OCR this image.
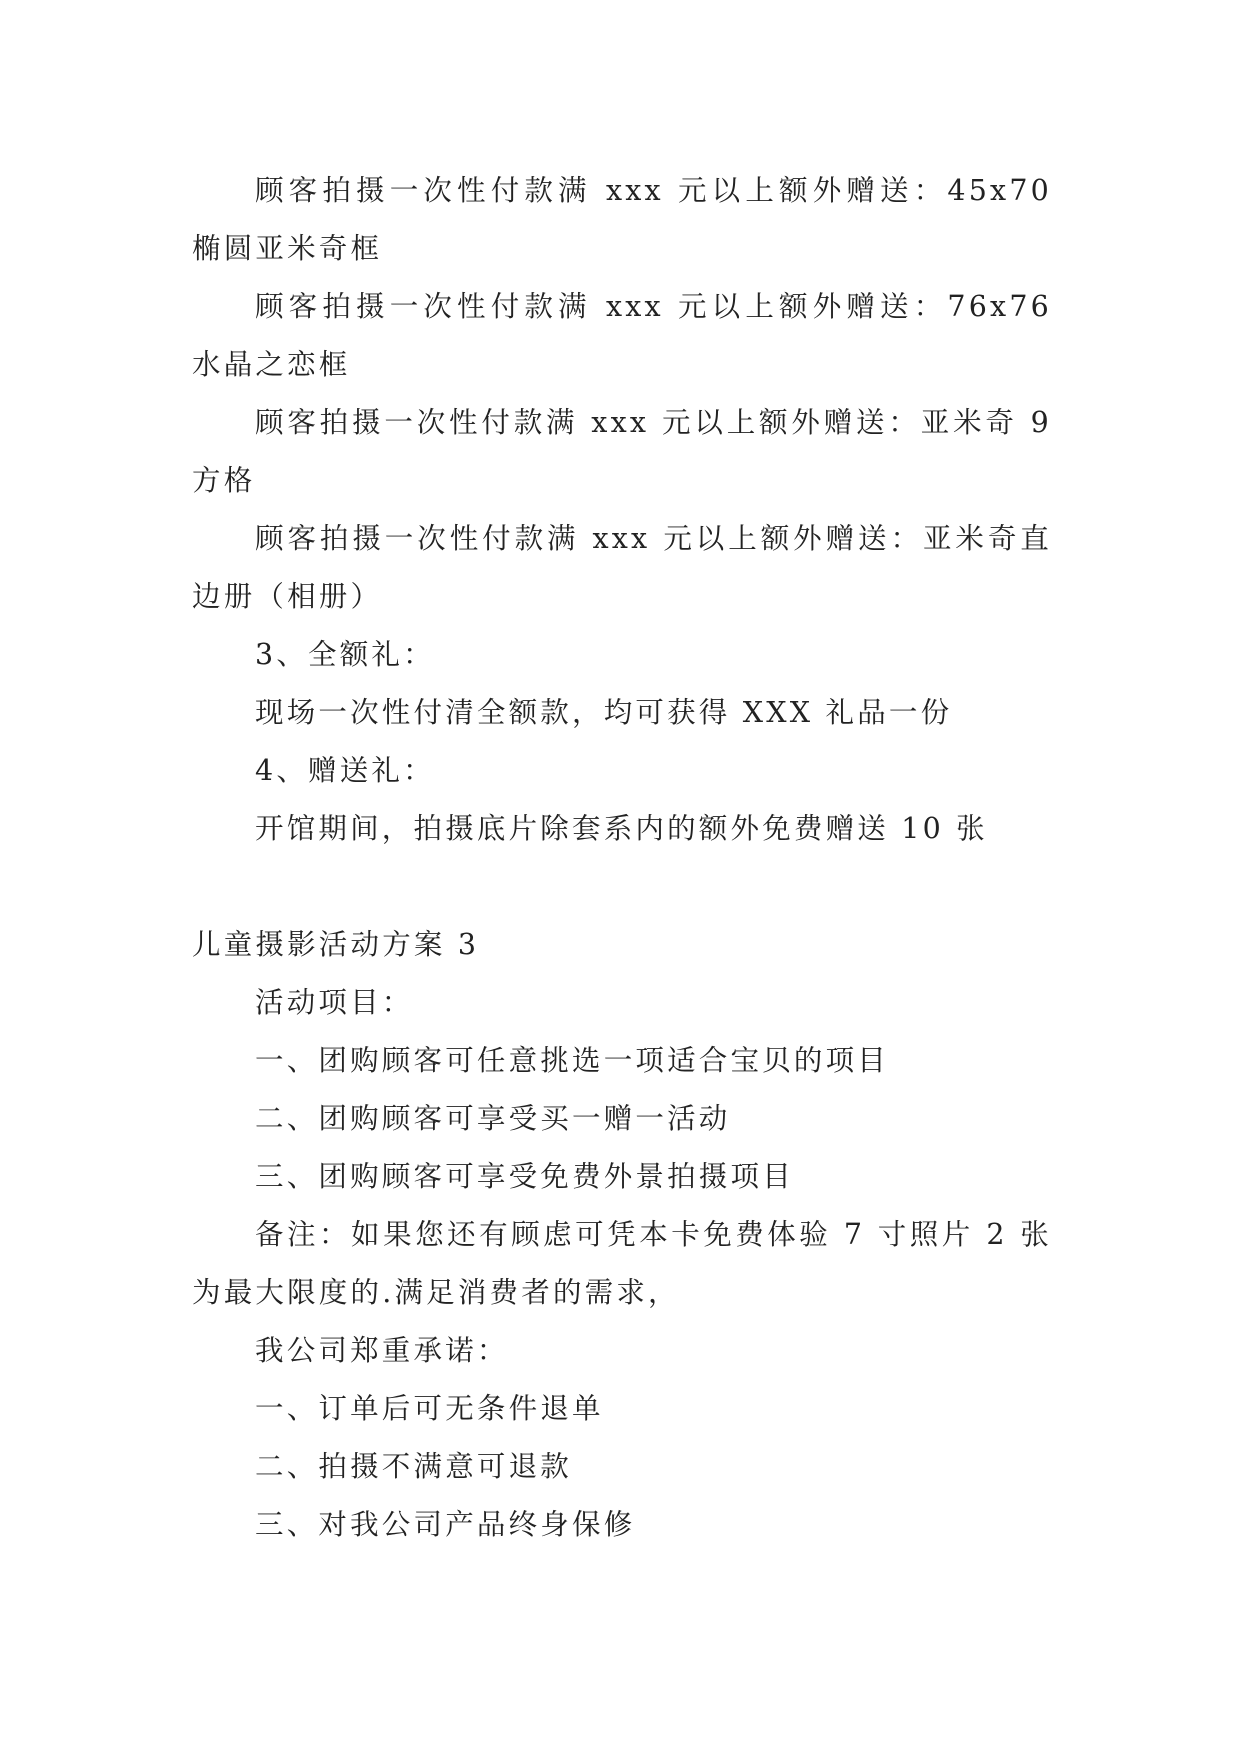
顾客拍摄一次性付款满 xxx 元以上额外赠送：45x70 椭圆亚米奇框

顾客拍摄一次性付款满 xxx 元以上额外赠送：76x76 水晶之恋框

顾客拍摄一次性付款满 xxx 元以上额外赠送：亚米奇 9 方格

顾客拍摄一次性付款满 xxx 元以上额外赠送：亚米奇直边册（相册）

3、全额礼：

现场一次性付清全额款，均可获得 XXX 礼品一份

4、赠送礼：

开馆期间，拍摄底片除套系内的额外免费赠送 10 张

儿童摄影活动方案 3

活动项目：

一、团购顾客可任意挑选一项适合宝贝的项目

二、团购顾客可享受买一赠一活动

三、团购顾客可享受免费外景拍摄项目

备注：如果您还有顾虑可凭本卡免费体验 7 寸照片 2 张为最大限度的.满足消费者的需求，

我公司郑重承诺：

一、订单后可无条件退单

二、拍摄不满意可退款

三、对我公司产品终身保修
